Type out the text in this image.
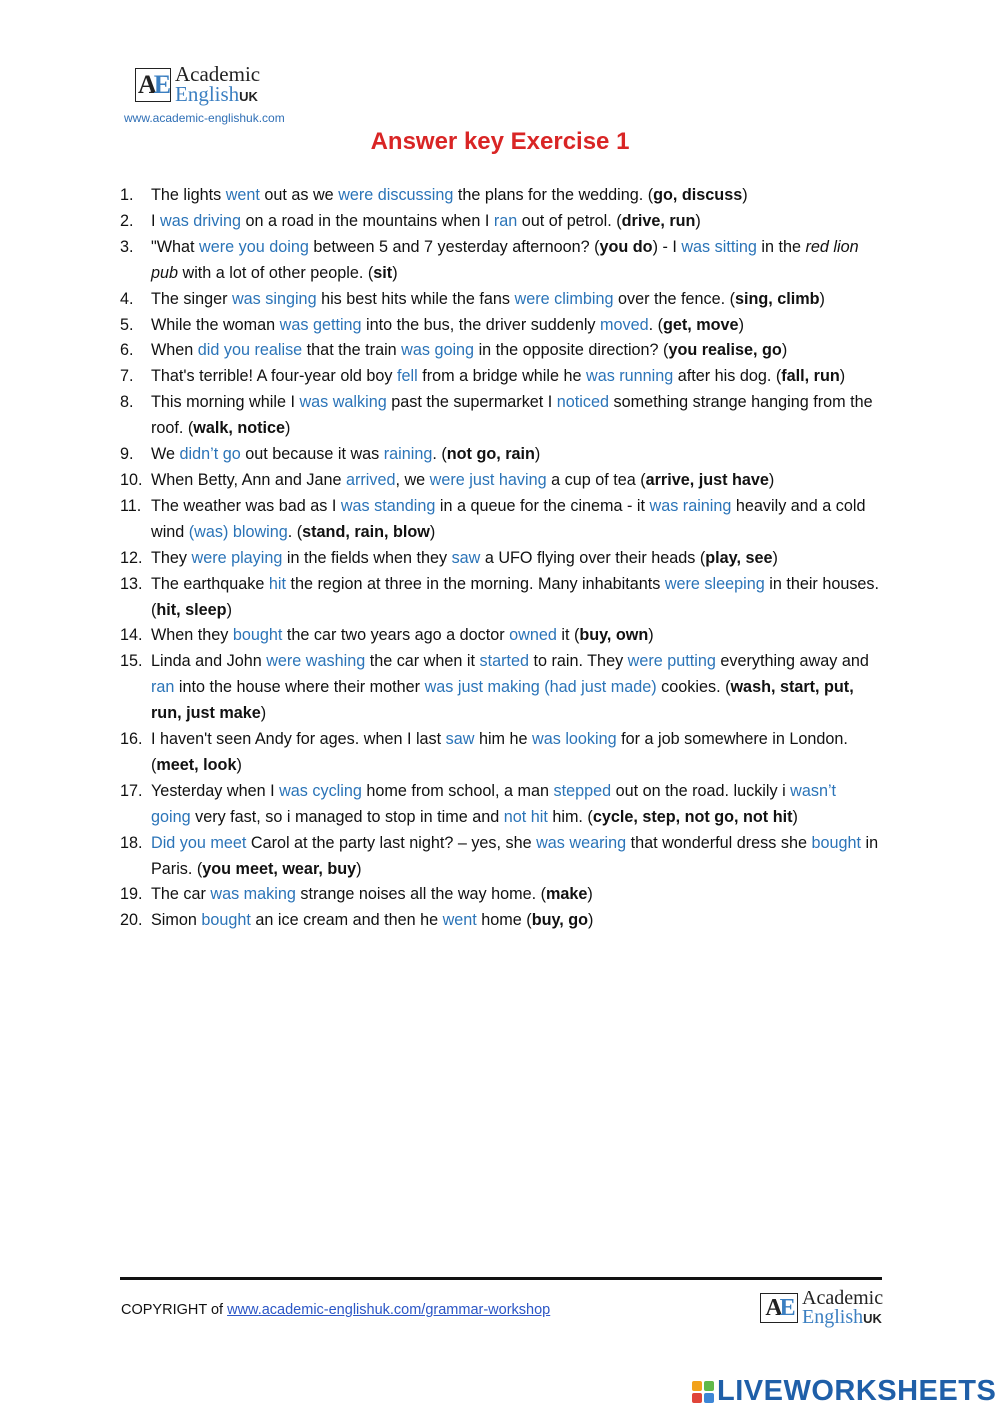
A E Academic
EnglishUK
www.academic-englishuk.com
Answer key Exercise 1
1. The lights went out as we were discussing the plans for the wedding. (go, discuss)
2. I was driving on a road in the mountains when I ran out of petrol. (drive, run)
3. "What were you doing between 5 and 7 yesterday afternoon? (you do) - I was sitting in the red lion pub with a lot of other people. (sit)
4. The singer was singing his best hits while the fans were climbing over the fence. (sing, climb)
5. While the woman was getting into the bus, the driver suddenly moved. (get, move)
6. When did you realise that the train was going in the opposite direction? (you realise, go)
7. That's terrible! A four-year old boy fell from a bridge while he was running after his dog. (fall, run)
8. This morning while I was walking past the supermarket I noticed something strange hanging from the roof. (walk, notice)
9. We didn’t go out because it was raining. (not go, rain)
10. When Betty, Ann and Jane arrived, we were just having a cup of tea (arrive, just have)
11. The weather was bad as I was standing in a queue for the cinema - it was raining heavily and a cold wind (was) blowing. (stand, rain, blow)
12. They were playing in the fields when they saw a UFO flying over their heads (play, see)
13. The earthquake hit the region at three in the morning. Many inhabitants were sleeping in their houses. (hit, sleep)
14. When they bought the car two years ago a doctor owned it (buy, own)
15. Linda and John were washing the car when it started to rain. They were putting everything away and ran into the house where their mother was just making (had just made) cookies. (wash, start, put, run, just make)
16. I haven't seen Andy for ages. when I last saw him he was looking for a job somewhere in London. (meet, look)
17. Yesterday when I was cycling home from school, a man stepped out on the road. luckily i wasn’t going very fast, so i managed to stop in time and not hit him. (cycle, step, not go, not hit)
18. Did you meet Carol at the party last night? – yes, she was wearing that wonderful dress she bought in Paris. (you meet, wear, buy)
19. The car was making strange noises all the way home. (make)
20. Simon bought an ice cream and then he went home (buy, go)
COPYRIGHT of www.academic-englishuk.com/grammar-workshop	A E Academic
EnglishUK
LIVEWORKSHEETS
